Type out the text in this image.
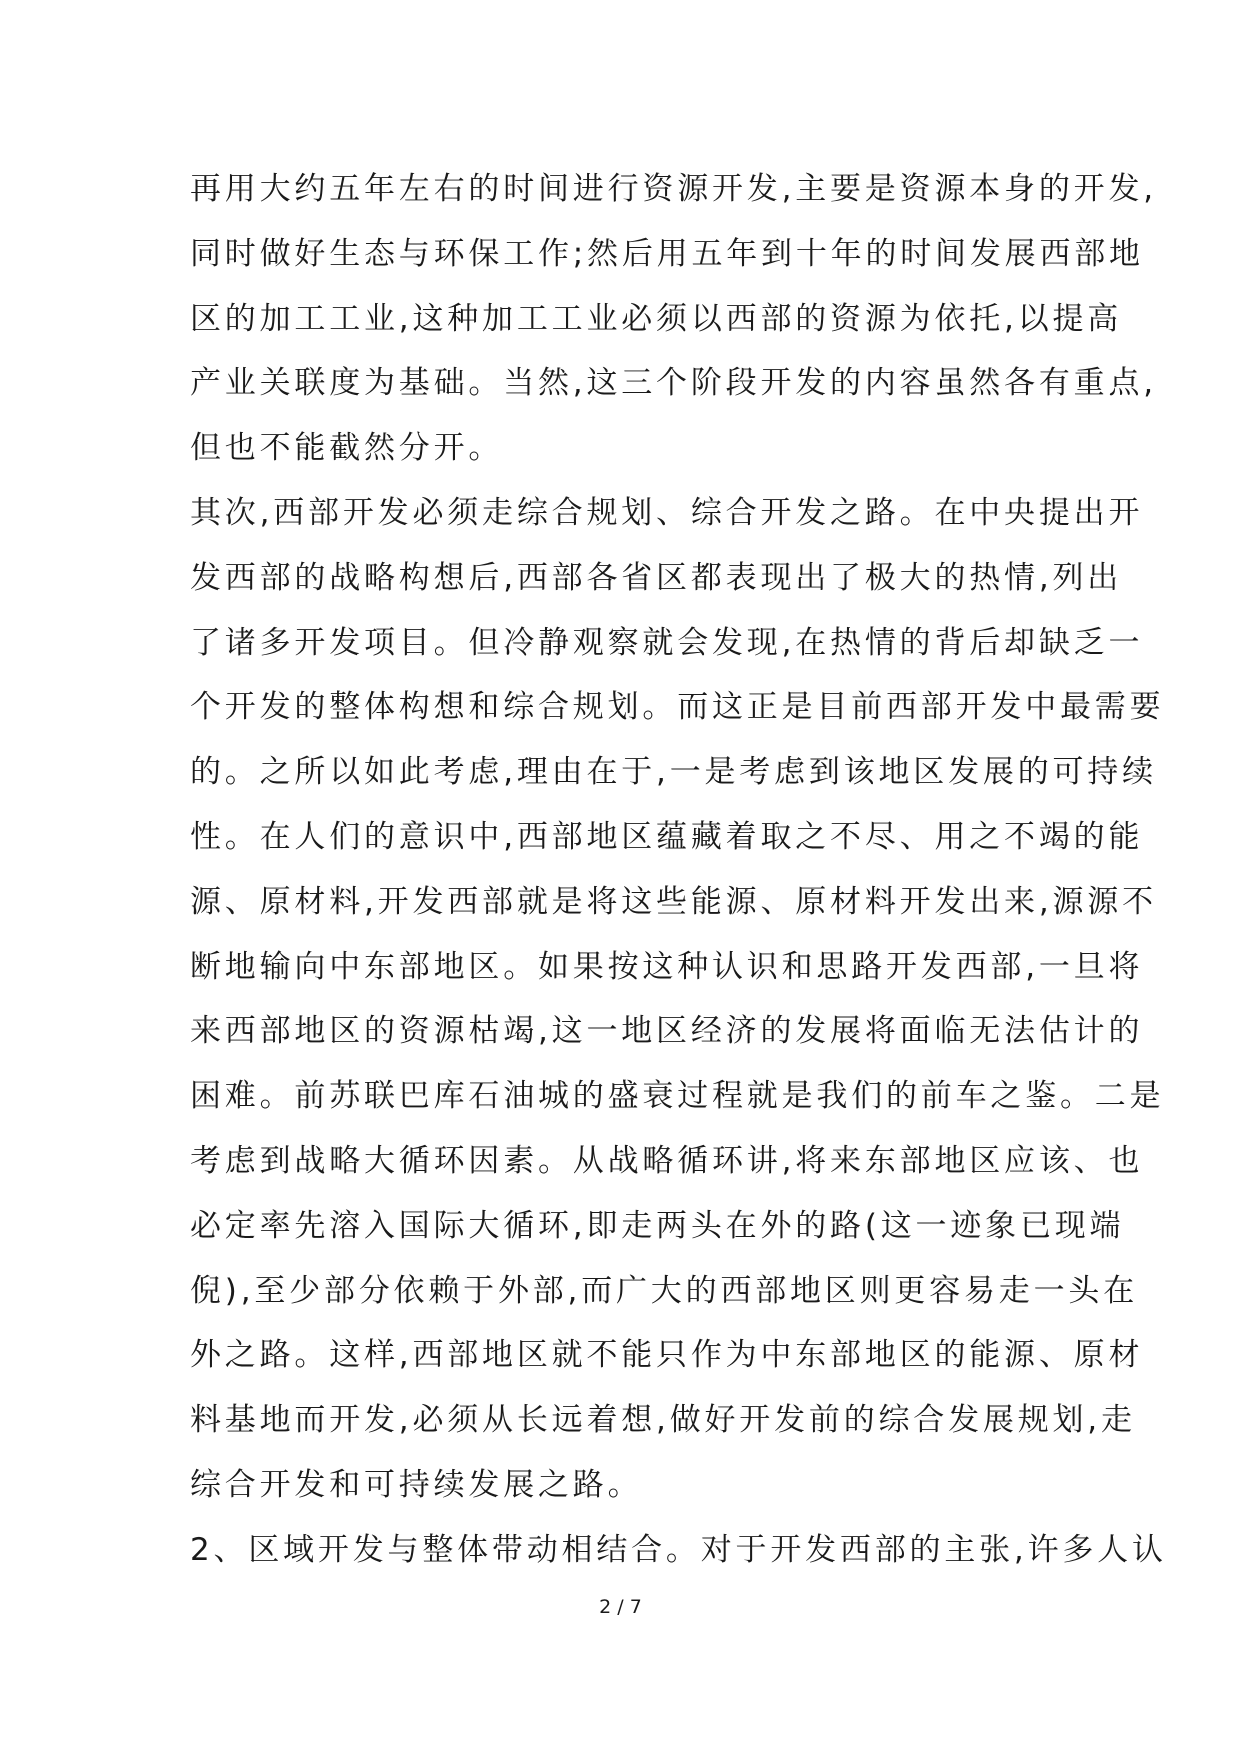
再用大约五年左右的时间进行资源开发,主要是资源本身的开发,
同时做好生态与环保工作;然后用五年到十年的时间发展西部地
区的加工工业,这种加工工业必须以西部的资源为依托,以提高
产业关联度为基础。当然,这三个阶段开发的内容虽然各有重点,
但也不能截然分开。
其次,西部开发必须走综合规划、综合开发之路。在中央提出开
发西部的战略构想后,西部各省区都表现出了极大的热情,列出
了诸多开发项目。但冷静观察就会发现,在热情的背后却缺乏一
个开发的整体构想和综合规划。而这正是目前西部开发中最需要
的。之所以如此考虑,理由在于,一是考虑到该地区发展的可持续
性。在人们的意识中,西部地区蕴藏着取之不尽、用之不竭的能
源、原材料,开发西部就是将这些能源、原材料开发出来,源源不
断地输向中东部地区。如果按这种认识和思路开发西部,一旦将
来西部地区的资源枯竭,这一地区经济的发展将面临无法估计的
困难。前苏联巴库石油城的盛衰过程就是我们的前车之鉴。二是
考虑到战略大循环因素。从战略循环讲,将来东部地区应该、也
必定率先溶入国际大循环,即走两头在外的路(这一迹象已现端
倪),至少部分依赖于外部,而广大的西部地区则更容易走一头在
外之路。这样,西部地区就不能只作为中东部地区的能源、原材
料基地而开发,必须从长远着想,做好开发前的综合发展规划,走
综合开发和可持续发展之路。
2、区域开发与整体带动相结合。对于开发西部的主张,许多人认
2 / 7
